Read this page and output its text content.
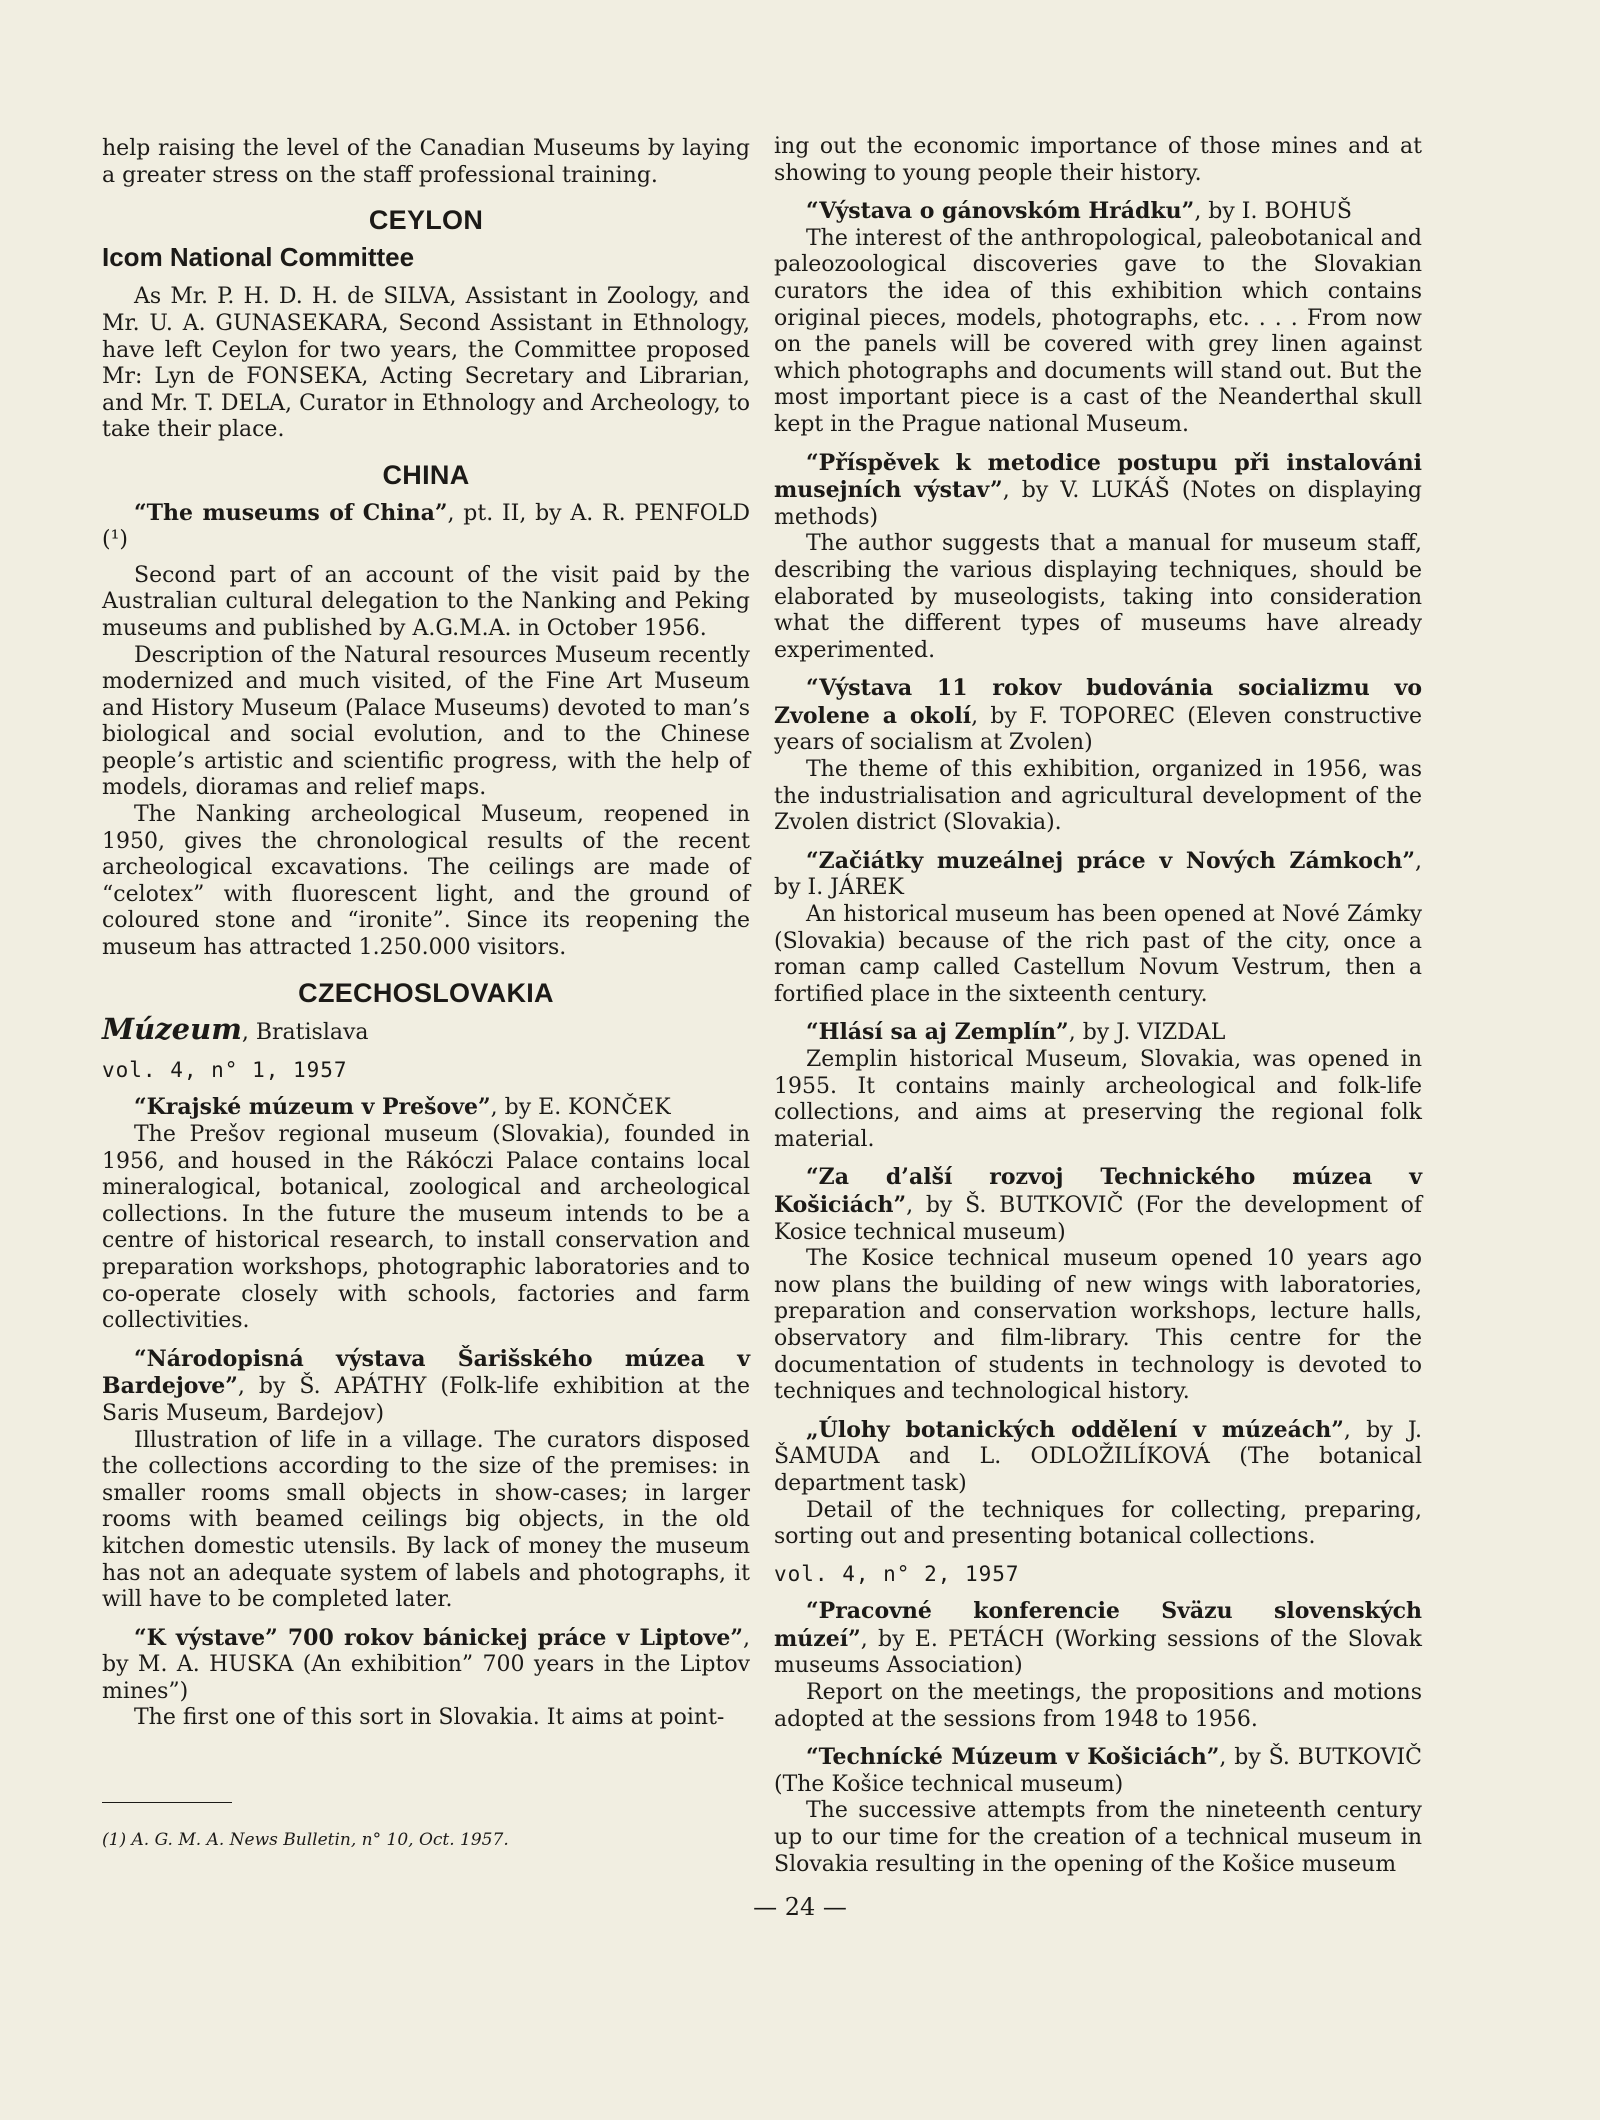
help raising the level of the Canadian Museums by laying a greater stress on the staff professional training.

CEYLON
Icom National Committee

As Mr. P. H. D. H. de SILVA, Assistant in Zoology, and Mr. U. A. GUNASEKARA, Second Assistant in Ethnology, have left Ceylon for two years, the Committee proposed Mr: Lyn de FONSEKA, Acting Secretary and Librarian, and Mr. T. DELA, Curator in Ethnology and Archeology, to take their place.

CHINA

“The museums of China”, pt. II, by A. R. PENFOLD (¹)

Second part of an account of the visit paid by the Australian cultural delegation to the Nanking and Peking museums and published by A.G.M.A. in October 1956.

Description of the Natural resources Museum recently modernized and much visited, of the Fine Art Museum and History Museum (Palace Museums) devoted to man’s biological and social evolution, and to the Chinese people’s artistic and scientific progress, with the help of models, dioramas and relief maps.

The Nanking archeological Museum, reopened in 1950, gives the chronological results of the recent archeological excavations. The ceilings are made of “celotex” with fluorescent light, and the ground of coloured stone and “ironite”. Since its reopening the museum has attracted 1.250.000 visitors.

CZECHOSLOVAKIA

Múzeum, Bratislava

vol. 4, n° 1, 1957

“Krajské múzeum v Prešove”, by E. KONČEK

The Prešov regional museum (Slovakia), founded in 1956, and housed in the Rákóczi Palace contains local mineralogical, botanical, zoological and archeological collections. In the future the museum intends to be a centre of historical research, to install conservation and preparation workshops, photographic laboratories and to co-operate closely with schools, factories and farm collectivities.

“Národopisná výstava Šarišského múzea v Bardejove”, by Š. APÁTHY (Folk-life exhibition at the Saris Museum, Bardejov)

Illustration of life in a village. The curators disposed the collections according to the size of the premises: in smaller rooms small objects in show-cases; in larger rooms with beamed ceilings big objects, in the old kitchen domestic utensils. By lack of money the museum has not an adequate system of labels and photographs, it will have to be completed later.

“K výstave” 700 rokov bánickej práce v Liptove”, by M. A. HUSKA (An exhibition” 700 years in the Liptov mines”)

The first one of this sort in Slovakia. It aims at point-

(1) A. G. M. A. News Bulletin, n° 10, Oct. 1957.

ing out the economic importance of those mines and at showing to young people their history.

“Výstava o gánovskóm Hrádku”, by I. BOHUŠ

The interest of the anthropological, paleobotanical and paleozoological discoveries gave to the Slovakian curators the idea of this exhibition which contains original pieces, models, photographs, etc. . . . From now on the panels will be covered with grey linen against which photographs and documents will stand out. But the most important piece is a cast of the Neanderthal skull kept in the Prague national Museum.

“Příspěvek k metodice postupu při instalováni musejních výstav”, by V. LUKÁŠ (Notes on displaying methods)

The author suggests that a manual for museum staff, describing the various displaying techniques, should be elaborated by museologists, taking into consideration what the different types of museums have already experimented.

“Výstava 11 rokov budovánia socializmu vo Zvolene a okolí, by F. TOPOREC (Eleven constructive years of socialism at Zvolen)

The theme of this exhibition, organized in 1956, was the industrialisation and agricultural development of the Zvolen district (Slovakia).

“Začiátky muzeálnej práce v Nových Zámkoch”, by I. JÁREK

An historical museum has been opened at Nové Zámky (Slovakia) because of the rich past of the city, once a roman camp called Castellum Novum Vestrum, then a fortified place in the sixteenth century.

“Hlásí sa aj Zemplín”, by J. VIZDAL

Zemplin historical Museum, Slovakia, was opened in 1955. It contains mainly archeological and folk-life collections, and aims at preserving the regional folk material.

“Za d’alší rozvoj Technického múzea v Košiciách”, by Š. BUTKOVIČ (For the development of Kosice technical museum)

The Kosice technical museum opened 10 years ago now plans the building of new wings with laboratories, preparation and conservation workshops, lecture halls, observatory and film-library. This centre for the documentation of students in technology is devoted to techniques and technological history.

„Úlohy botanických oddělení v múzeách”, by J. ŠAMUDA and L. ODLOŽILÍKOVÁ (The botanical department task)

Detail of the techniques for collecting, preparing, sorting out and presenting botanical collections.

vol. 4, n° 2, 1957

“Pracovné konferencie Sväzu slovenských múzeí”, by E. PETÁCH (Working sessions of the Slovak museums Association)

Report on the meetings, the propositions and motions adopted at the sessions from 1948 to 1956.

“Technícké Múzeum v Košiciách”, by Š. BUTKOVIČ (The Košice technical museum)

The successive attempts from the nineteenth century up to our time for the creation of a technical museum in Slovakia resulting in the opening of the Košice museum

— 24 —
